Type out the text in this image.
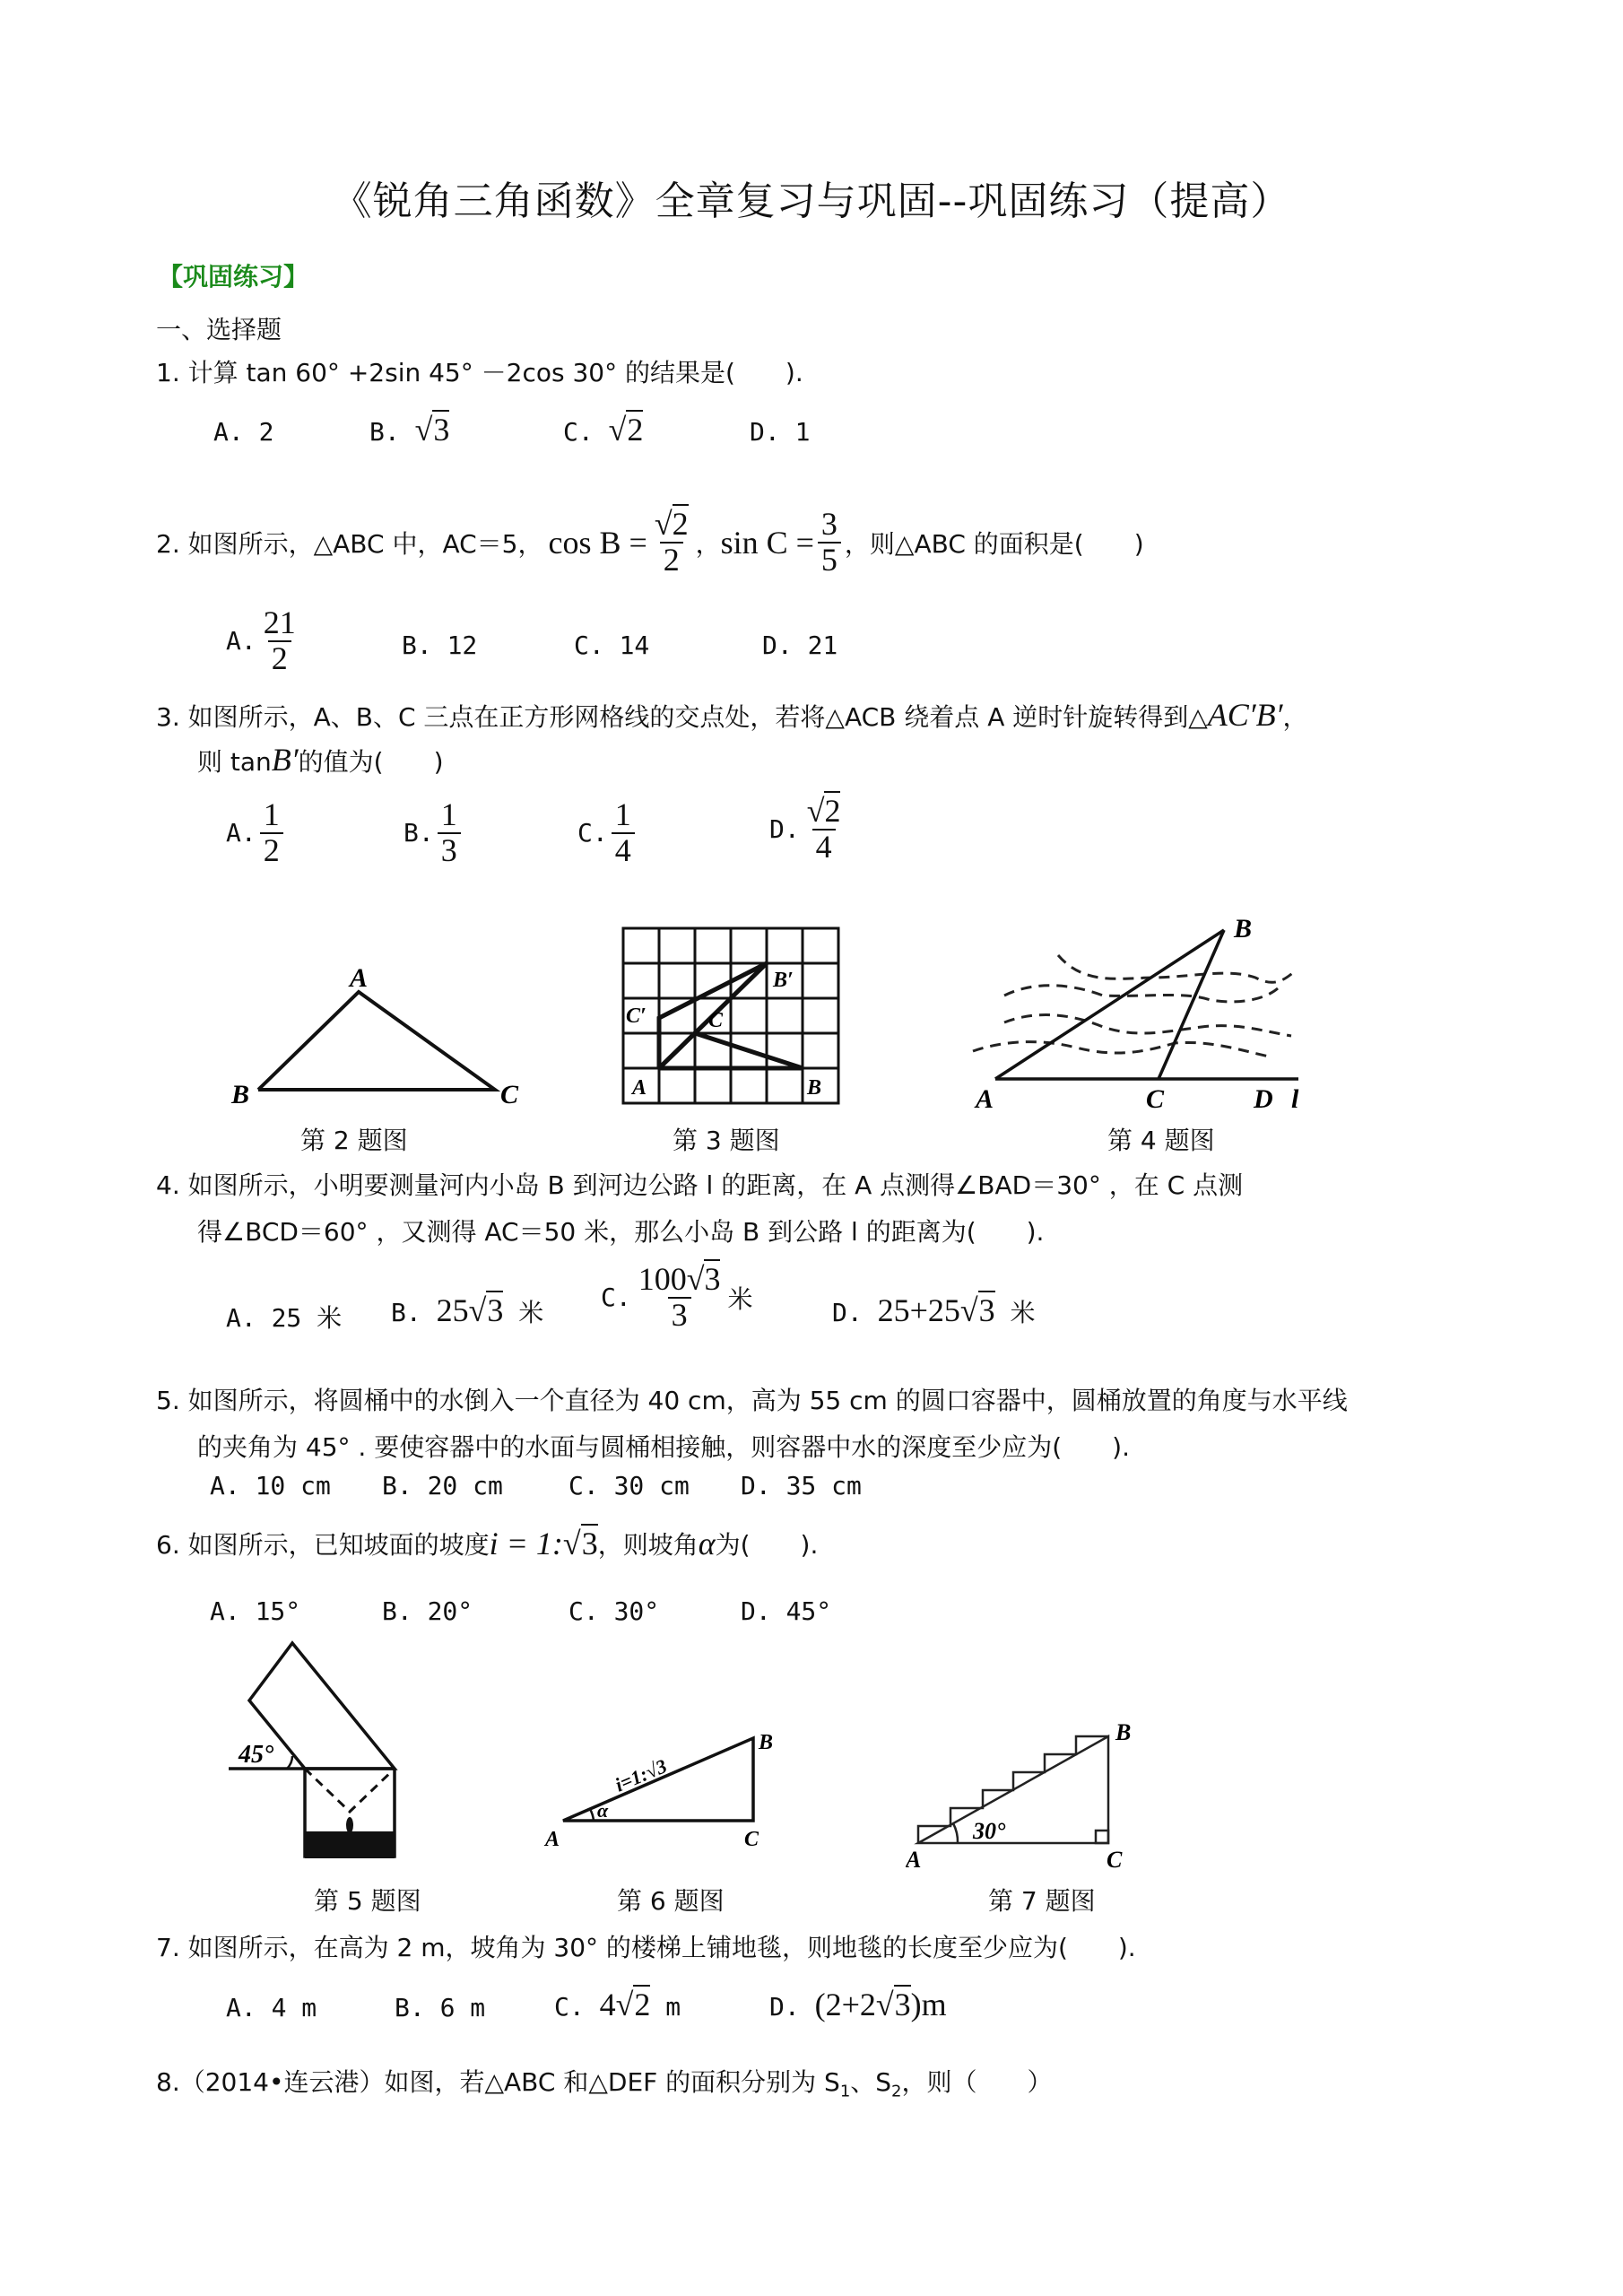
《锐角三角函数》全章复习与巩固--巩固练习（提高）
【巩固练习】
一、选择题
1. 计算 tan 60° +2sin 45° －2cos 30° 的结果是(　　).
A. 2	B. √3	C. √2	D. 1
2. 如图所示，△ABC 中，AC＝5， $\cos B = \frac{√2}{2}$ ， $\sin C = \frac{3}{5}$ ，则△ABC 的面积是(　　)
A. $\frac{21}{2}$	B. 12	C. 14	D. 21
3. 如图所示，A、B、C 三点在正方形网格线的交点处，若将△ACB 绕着点 A 逆时针旋转得到△AC′B′，
则 tanB′的值为(　　)
A. $\frac{1}{2}$	B. $\frac{1}{3}$	C. $\frac{1}{4}$	D. $\frac{√2}{4}$
A
B	C
第 2 题图
A	B
C
C′
B′
第 3 题图
A	C	D l
B
第 4 题图
4. 如图所示，小明要测量河内小岛 B 到河边公路 l 的距离，在 A 点测得∠BAD＝30° ，在 C 点测
得∠BCD＝60° ，又测得 AC＝50 米，那么小岛 B 到公路 l 的距离为(　　).
A. 25 米 B. 25√3 米
C. $\frac{100√3}{3}$ 米	D. 25+25√3 米
5. 如图所示，将圆桶中的水倒入一个直径为 40 cm，高为 55 cm 的圆口容器中，圆桶放置的角度与水平线
的夹角为 45° . 要使容器中的水面与圆桶相接触，则容器中水的深度至少应为(　　).
A. 10 cm B. 20 cm	C. 30 cm D. 35 cm
6. 如图所示，已知坡面的坡度 i = 1: √3 ，则坡角 α 为(　　).
A. 15°	B. 20°	C. 30°	D. 45°
45°
第 5 题图
α
A	C
B
i=1:√3
第 6 题图
30°
A	C
B
第 7 题图
7. 如图所示，在高为 2 m，坡角为 30° 的楼梯上铺地毯，则地毯的长度至少应为(　　).
A. 4 m	B. 6 m	C. 4√2 m	D. (2+2√3)m
8.（2014•连云港）如图，若△ABC 和△DEF 的面积分别为 $S_1$、$S_2$，则（　　）
